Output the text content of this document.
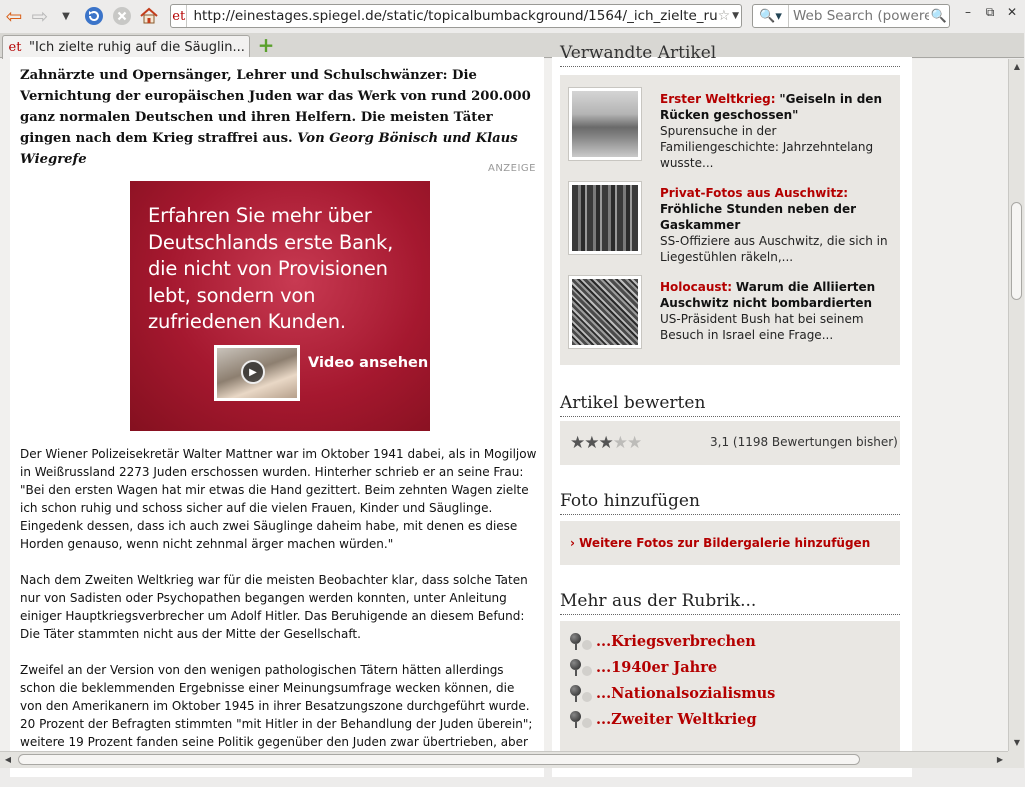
⇦ ⇨	▼	et http://einestages.spiegel.de/static/topicalbumbackground/1564/_ich_zielte_ru ☆ ▼	🔍▾
Web Search (powered	🔍	–	⧉	✕
et "Ich zielte ruhig auf die Säuglin... +
Zahnärzte und Opernsänger, Lehrer und Schulschwänzer: Die Vernichtung der europäischen Juden war das Werk von rund 200.000 ganz normalen Deutschen und ihren Helfern. Die meisten Täter gingen nach dem Krieg straffrei aus. Von Georg Bönisch und Klaus Wiegrefe
ANZEIGE
Erfahren Sie mehr über Deutschlands erste Bank, die nicht von Provisionen lebt, sondern von zufriedenen Kunden.
▶
Video ansehen

Der Wiener Polizeisekretär Walter Mattner war im Oktober 1941 dabei, als in Mogiljow in Weißrussland 2273 Juden erschossen wurden. Hinterher schrieb er an seine Frau: "Bei den ersten Wagen hat mir etwas die Hand gezittert. Beim zehnten Wagen zielte ich schon ruhig und schoss sicher auf die vielen Frauen, Kinder und Säuglinge. Eingedenk dessen, dass ich auch zwei Säuglinge daheim habe, mit denen es diese Horden genauso, wenn nicht zehnmal ärger machen würden."

Nach dem Zweiten Weltkrieg war für die meisten Beobachter klar, dass solche Taten nur von Sadisten oder Psychopathen begangen werden konnten, unter Anleitung einiger Hauptkriegsverbrecher um Adolf Hitler. Das Beruhigende an diesem Befund: Die Täter stammten nicht aus der Mitte der Gesellschaft.

Zweifel an der Version von den wenigen pathologischen Tätern hätten allerdings schon die beklemmenden Ergebnisse einer Meinungsumfrage wecken können, die von den Amerikanern im Oktober 1945 in ihrer Besatzungszone durchgeführt wurde. 20 Prozent der Befragten stimmten "mit Hitler in der Behandlung der Juden überein"; weitere 19 Prozent fanden seine Politik gegenüber den Juden zwar übertrieben, aber

Verwandte Artikel
Erster Weltkrieg: "Geiseln in den Rücken geschossen"
Spurensuche in der Familiengeschichte: Jahrzehntelang wusste...
Privat-Fotos aus Auschwitz: Fröhliche Stunden neben der Gaskammer
SS-Offiziere aus Auschwitz, die sich in Liegestühlen räkeln,...
Holocaust: Warum die Alliierten Auschwitz nicht bombardierten
US-Präsident Bush hat bei seinem Besuch in Israel eine Frage...
Artikel bewerten
★★★★★	3,1 (1198 Bewertungen bisher)
Foto hinzufügen
› Weitere Fotos zur Bildergalerie hinzufügen
Mehr aus der Rubrik...
...Kriegsverbrechen
...1940er Jahre
...Nationalsozialismus
...Zweiter Weltkrieg
▲
▼
◀	▶
